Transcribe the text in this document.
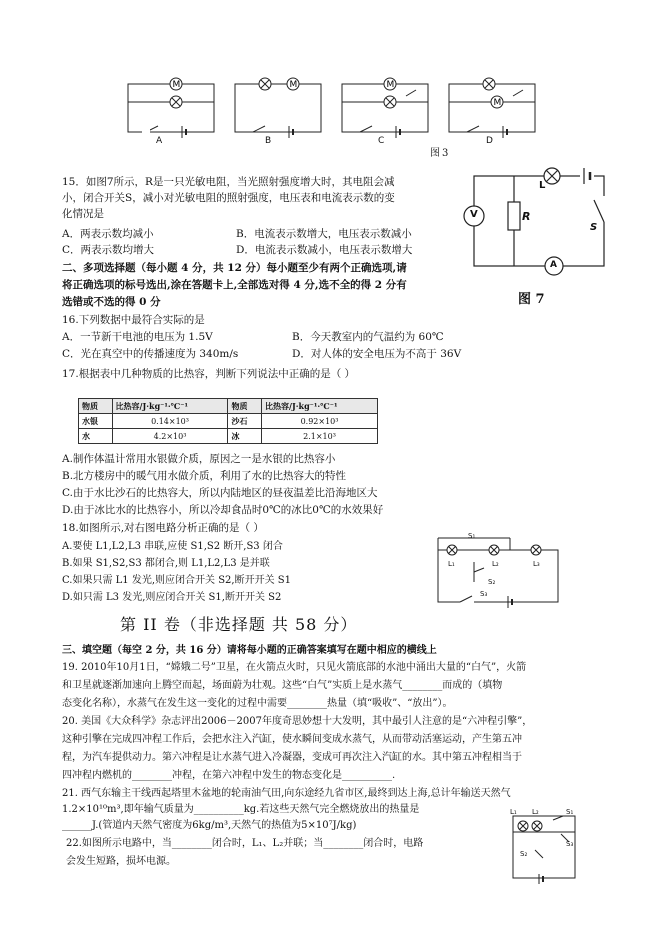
M	M	M
M
A	B	C	D
图3
15．如图7所示，R是一只光敏电阻，当光照射强度增大时，其电阻会减
小，闭合开关S，减小对光敏电阻的照射强度，电压表和电流表示数的变
化情况是
A．两表示数均减小	B．电流表示数增大，电压表示数减小
C．两表示数均增大	D．电流表示数减小，电压表示数增大
V	R
L
A
S
图 7
二、多项选择题（每小题 4 分，共 12 分）每小题至少有两个正确选项,请
将正确选项的标号选出,涂在答题卡上,全部选对得 4 分,选不全的得 2 分有
选错或不选的得 0 分
16.下列数据中最符合实际的是
A．一节新干电池的电压为 1.5V	B．今天教室内的气温约为 60℃
C．光在真空中的传播速度为 340m/s	D．对人体的安全电压为不高于 36V
17.根据表中几种物质的比热容，判断下列说法中正确的是（ ）
物质	比热容/J·kg⁻¹·℃⁻¹	物质	比热容/J·kg⁻¹·℃⁻¹
水银	0.14×10³	沙石	0.92×10³
水	4.2×10³	冰	2.1×10³
A.制作体温计常用水银做介质，原因之一是水银的比热容小
B.北方楼房中的暖气用水做介质，利用了水的比热容大的特性
C.由于水比沙石的比热容大，所以内陆地区的昼夜温差比沿海地区大
D.由于冰比水的比热容小，所以冷却食品时0℃的冰比0℃的水效果好
18.如图所示,对右图电路分析正确的是（ ）
A.要使 L1,L2,L3 串联,应使 S1,S2 断开,S3 闭合
B.如果 S1,S2,S3 都闭合,则 L1,L2,L3 是并联
C.如果只需 L1 发光,则应闭合开关 S2,断开开关 S1
D.如只需 L3 发光,则应闭合开关 S1,断开开关 S2
S₁
L₁	L₂	L₃
S₂
S₃
第 II 卷（非选择题 共 58 分）
三、填空题（每空 2 分，共 16 分）请将每小题的正确答案填写在题中相应的横线上
19. 2010年10月1日，“嫦娥二号”卫星，在火箭点火时，只见火箭底部的水池中涌出大量的“白气”，火箭
和卫星就逐渐加速向上腾空而起，场面蔚为壮观。这些“白气”实质上是水蒸气________而成的（填物
态变化名称），水蒸气在发生这一变化的过程中需要________热量（填“吸收”、“放出”）。
20. 美国《大众科学》杂志评出2006－2007年度奇思妙想十大发明，其中最引人注意的是“六冲程引擎”，
这种引擎在完成四冲程工作后，会把水注入汽缸，使水瞬间变成水蒸气，从而带动活塞运动，产生第五冲
程，为汽车提供动力。第六冲程是让水蒸气进入冷凝器，变成可再次注入汽缸的水。其中第五冲程相当于
四冲程内燃机的________冲程，在第六冲程中发生的物态变化是__________.
21. 西气东输主干线西起塔里木盆地的轮南油气田,向东途经九省市区,最终到达上海,总计年输送天然气
1.2×10¹⁰m³,即年输气质量为__________kg.若这些天然气完全燃烧放出的热量是
______J.(管道内天然气密度为6kg/m³,天然气的热值为5×10⁷J/kg)
22.如图所示电路中，当________闭合时，L₁、L₂并联；当________闭合时，电路
会发生短路，损坏电源。
L₁ L₂	S₁
S₂
S₃
